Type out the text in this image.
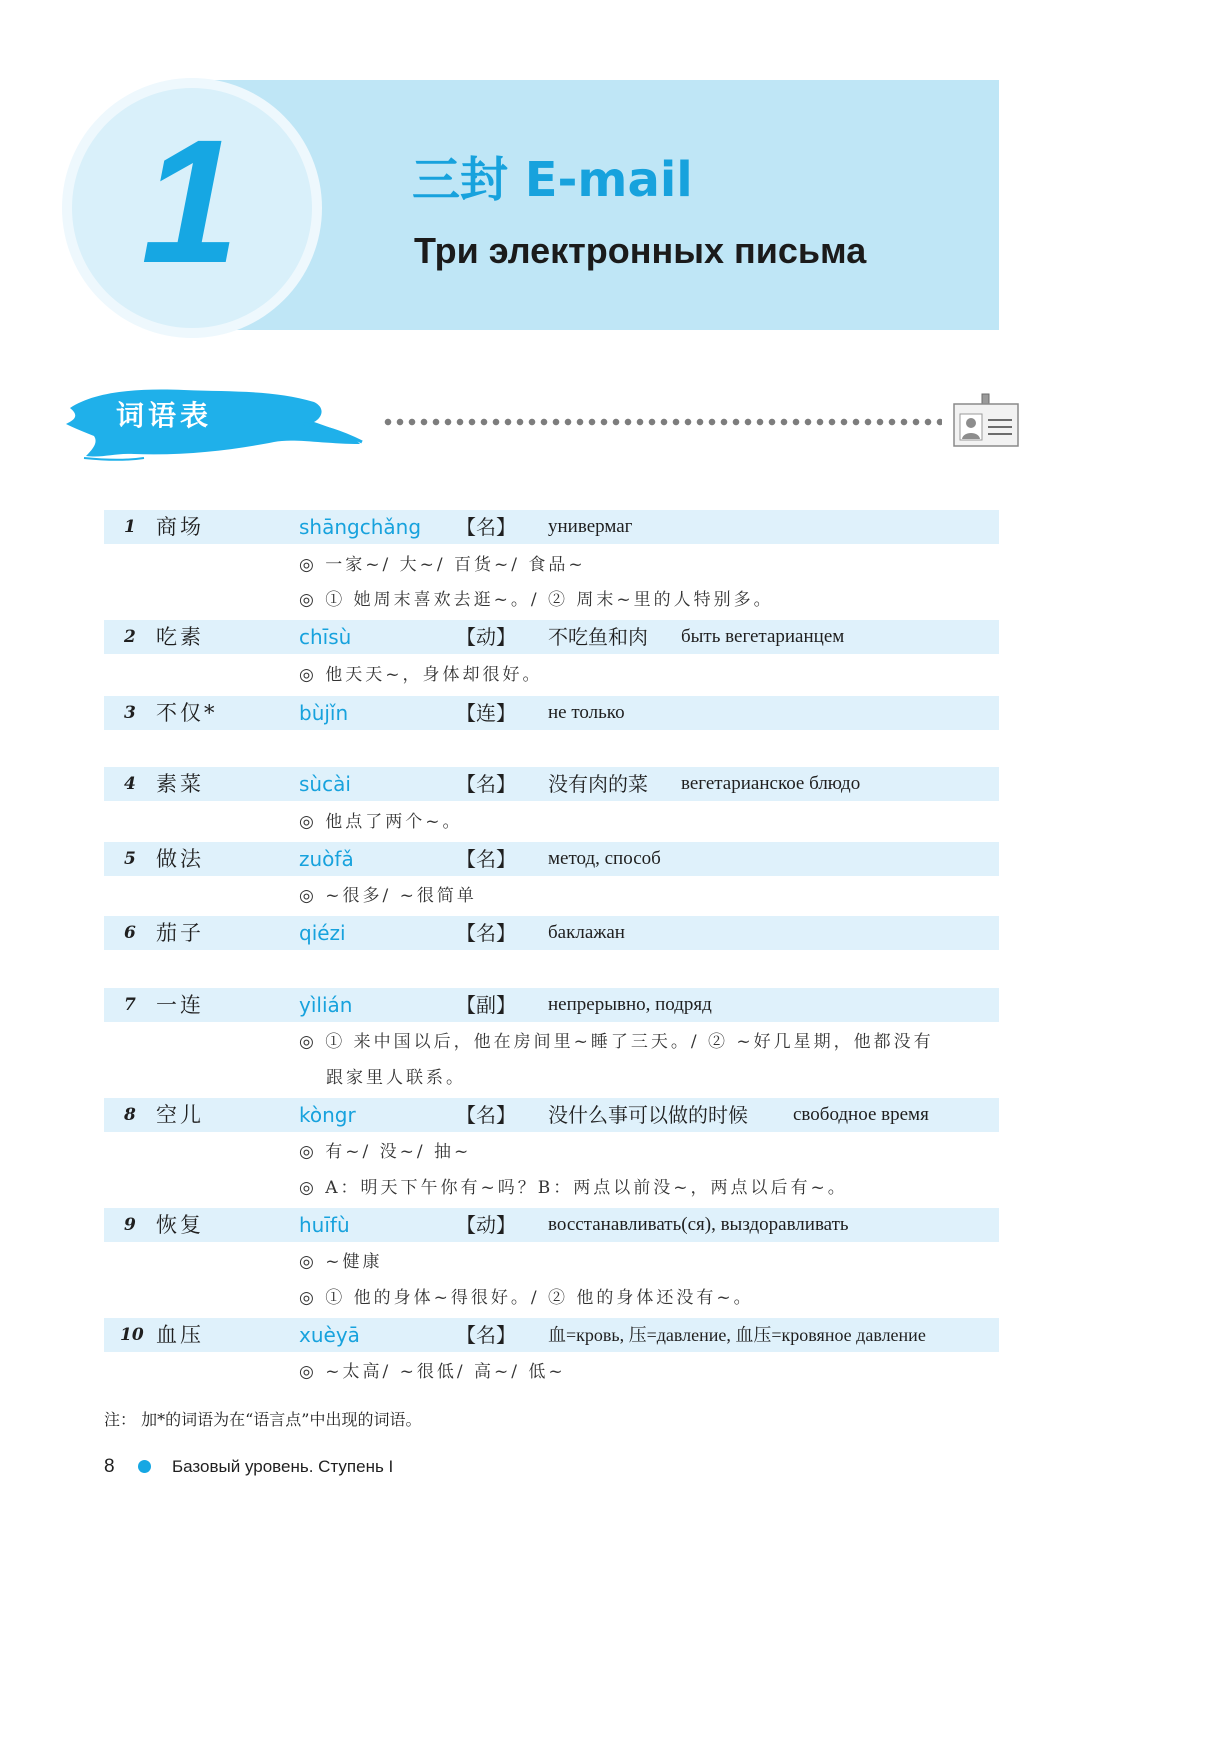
1	三封 E-mail
Три электронных письма
词语表
1 商场	shāngchǎng 【名】 универмаг
◎ 一家~/ 大~/ 百货~/ 食品~
◎ ① 她周末喜欢去逛~。/ ② 周末~里的人特别多。
2 吃素	chīsù	【动】 不吃鱼和肉 быть вегетарианцем
◎ 他天天~，身体却很好。
3 不仅*	bùjǐn	【连】 не только
4 素菜	sùcài	【名】 没有肉的菜 вегетарианское блюдо
◎ 他点了两个~。
5 做法	zuòfǎ	【名】 метод, способ
◎ ~很多/ ~很简单
6 茄子	qiézi	【名】 баклажан
7 一连	yìlián	【副】 непрерывно, подряд
◎ ① 来中国以后，他在房间里~睡了三天。/ ② ~好几星期，他都没有
跟家里人联系。
8 空儿	kòngr	【名】 没什么事可以做的时候 свободное время
◎ 有~/ 没~/ 抽~
◎ A：明天下午你有~吗？B：两点以前没~，两点以后有~。
9 恢复	huīfù	【动】 восстанавливать(ся), выздоравливать
◎ ~健康
◎ ① 他的身体~得很好。/ ② 他的身体还没有~。
10 血压	xuèyā	【名】 血=кровь, 压=давление, 血压=кровяное давление
◎ ~太高/ ~很低/ 高~/ 低~
注： 加*的词语为在“语言点”中出现的词语。
8	Базовый уровень. Ступень I
